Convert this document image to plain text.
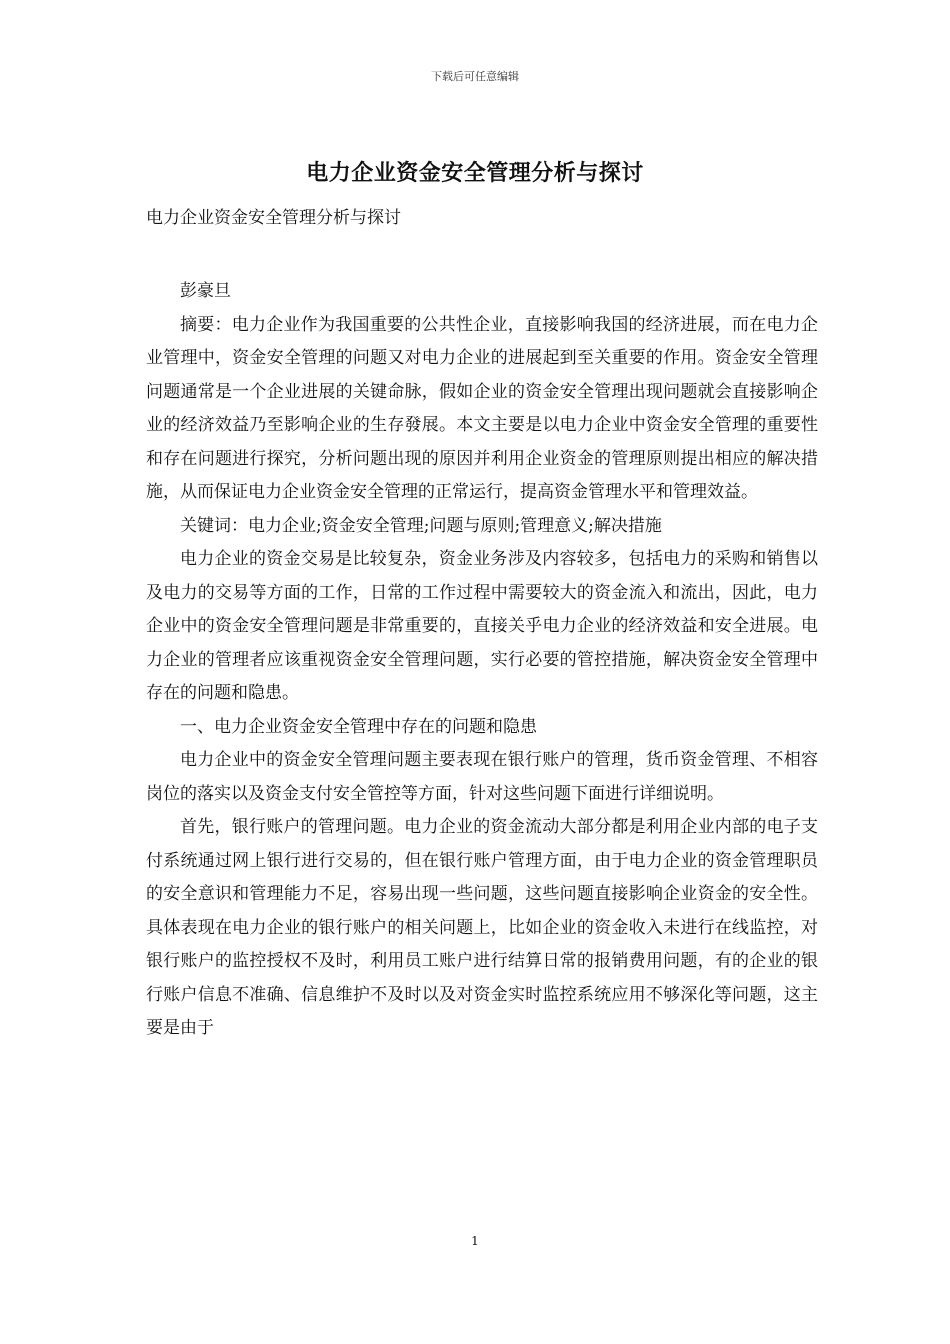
下载后可任意编辑
电力企业资金安全管理分析与探讨
电力企业资金安全管理分析与探讨

彭豪旦

摘要：电力企业作为我国重要的公共性企业，直接影响我国的经济进展，而在电力企业管理中，资金安全管理的问题又对电力企业的进展起到至关重要的作用。资金安全管理问题通常是一个企业进展的关键命脉，假如企业的资金安全管理出现问题就会直接影响企业的经济效益乃至影响企业的生存發展。本文主要是以电力企业中资金安全管理的重要性和存在问题进行探究，分析问题出现的原因并利用企业资金的管理原则提出相应的解决措施，从而保证电力企业资金安全管理的正常运行，提高资金管理水平和管理效益。

关键词：电力企业;资金安全管理;问题与原则;管理意义;解决措施

电力企业的资金交易是比较复杂，资金业务涉及内容较多，包括电力的采购和销售以及电力的交易等方面的工作，日常的工作过程中需要较大的资金流入和流出，因此，电力企业中的资金安全管理问题是非常重要的，直接关乎电力企业的经济效益和安全进展。电力企业的管理者应该重视资金安全管理问题，实行必要的管控措施，解决资金安全管理中存在的问题和隐患。

一、电力企业资金安全管理中存在的问题和隐患

电力企业中的资金安全管理问题主要表现在银行账户的管理，货币资金管理、不相容岗位的落实以及资金支付安全管控等方面，针对这些问题下面进行详细说明。

首先，银行账户的管理问题。电力企业的资金流动大部分都是利用企业内部的电子支付系统通过网上银行进行交易的，但在银行账户管理方面，由于电力企业的资金管理职员的安全意识和管理能力不足，容易出现一些问题，这些问题直接影响企业资金的安全性。具体表现在电力企业的银行账户的相关问题上，比如企业的资金收入未进行在线监控，对银行账户的监控授权不及时，利用员工账户进行结算日常的报销费用问题，有的企业的银行账户信息不准确、信息维护不及时以及对资金实时监控系统应用不够深化等问题，这主要是由于

1
